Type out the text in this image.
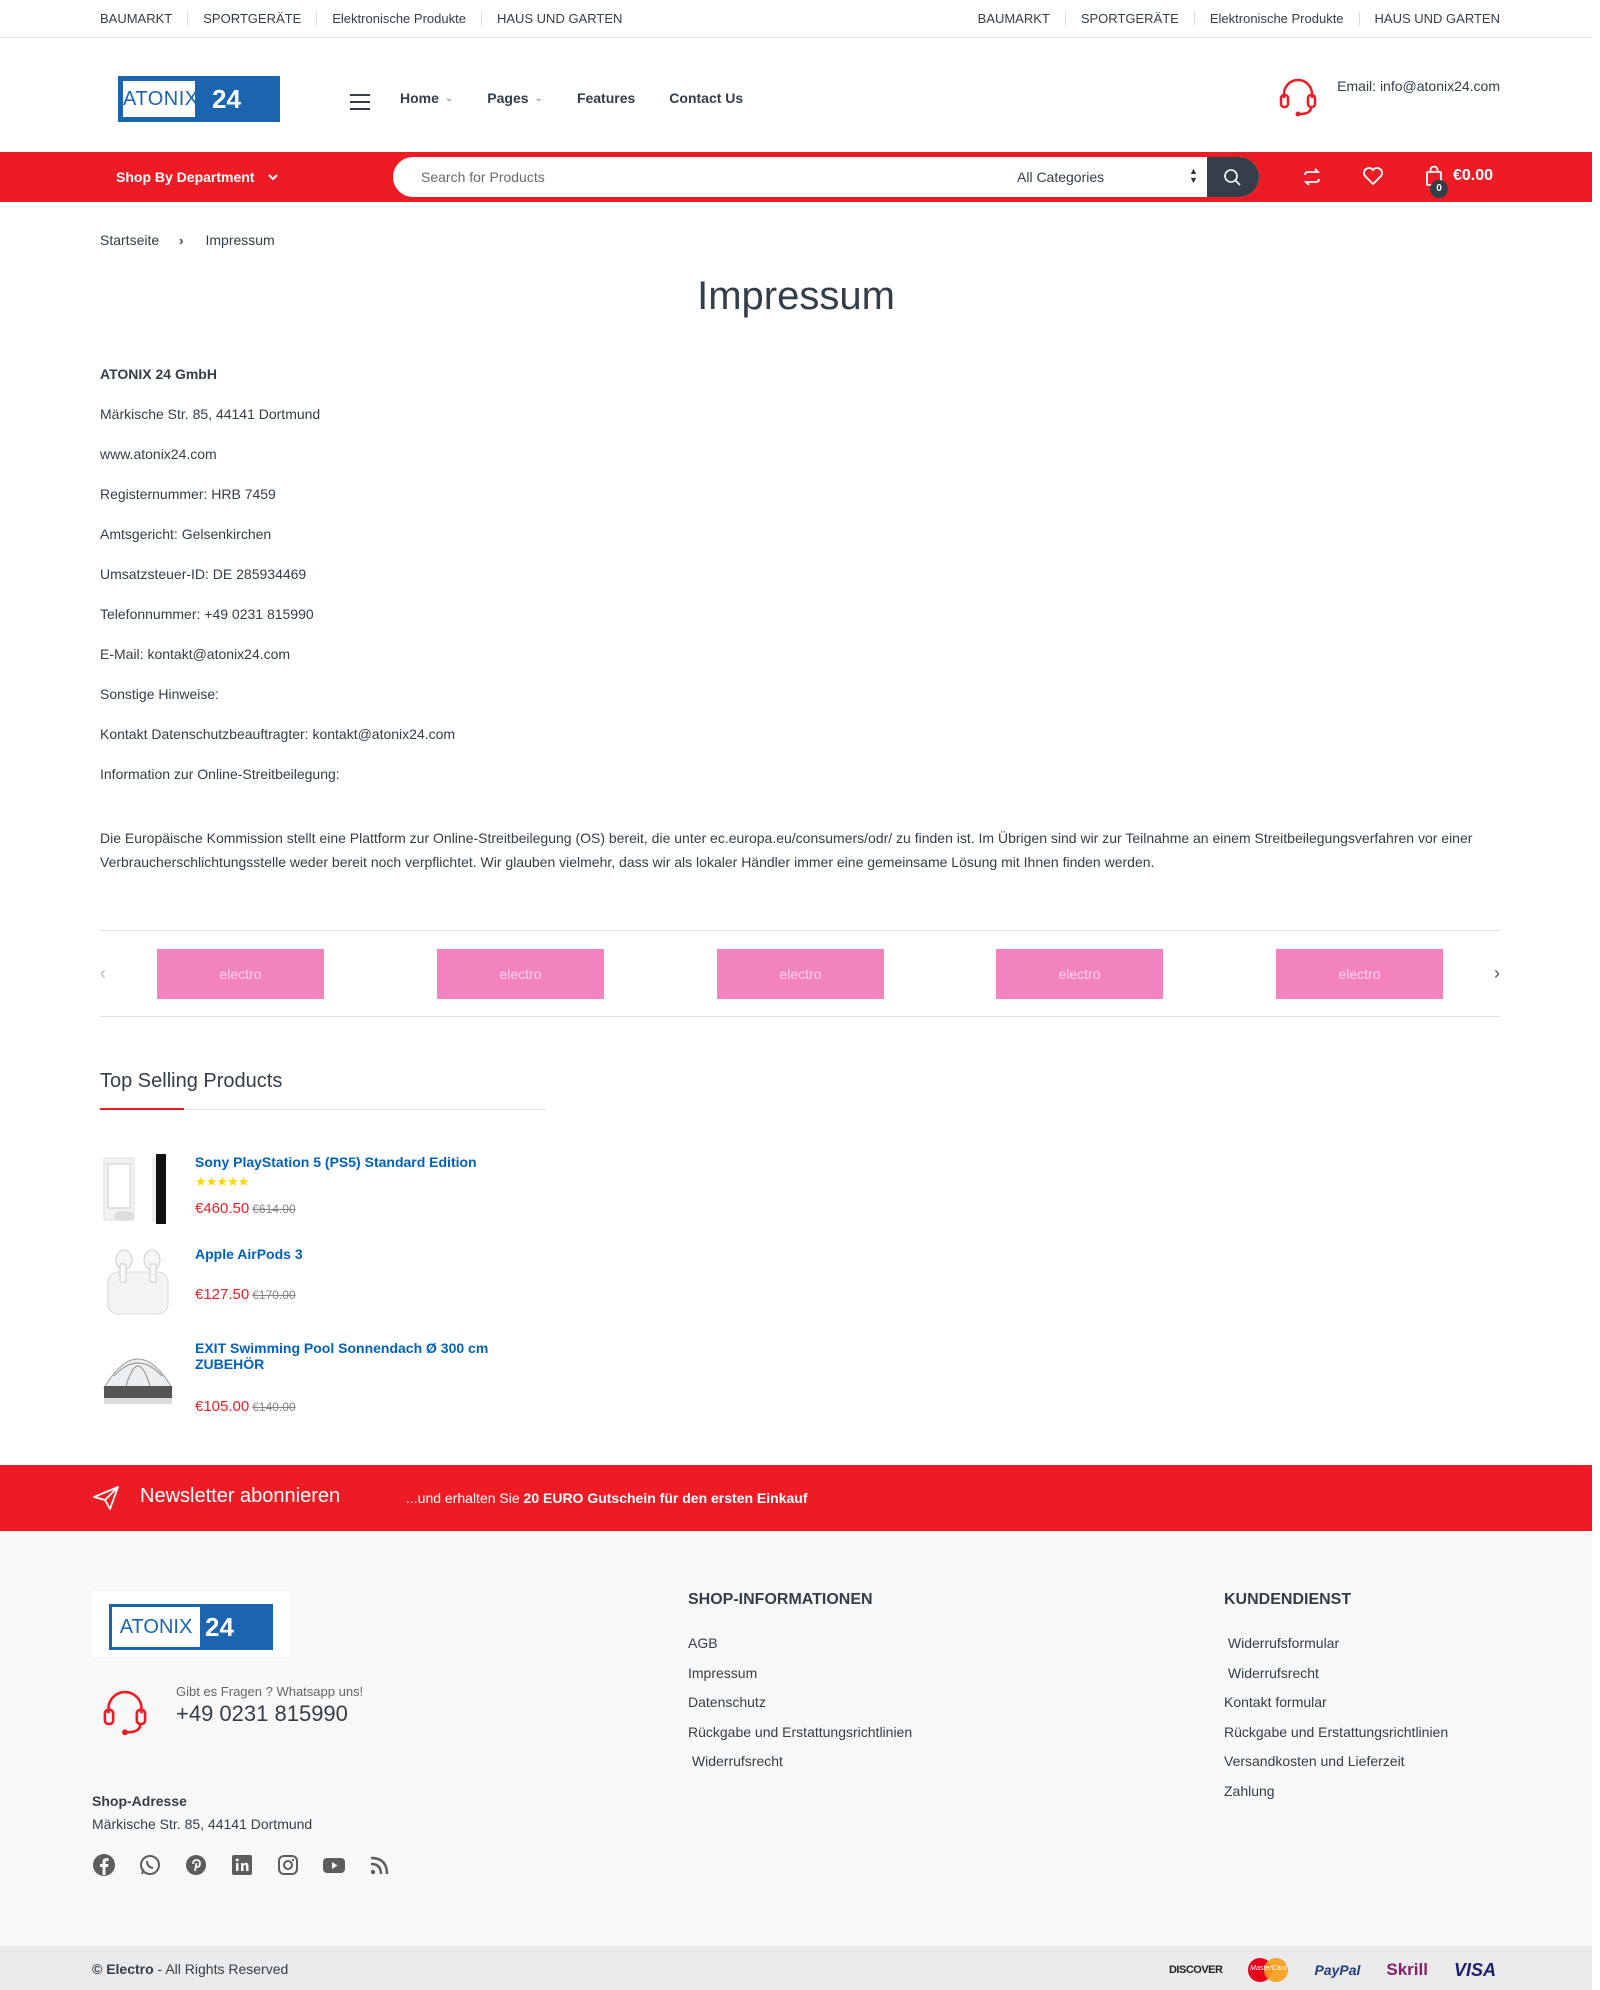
BAUMARKT	SPORTGERÄTE	Elektronische Produkte	HAUS UND GARTEN	BAUMARKT	SPORTGERÄTE	Elektronische Produkte	HAUS UND GARTEN
ATONIX 24	Home ⌄ Pages ⌄ Features Contact Us
Email: info@atonix24.com
Shop By Department
Search for Products	All Categories	▲
▼
0
€0.00
Startseite › Impressum
Impressum

ATONIX 24 GmbH

Märkische Str. 85, 44141 Dortmund

www.atonix24.com

Registernummer: HRB 7459

Amtsgericht: Gelsenkirchen

Umsatzsteuer-ID: DE 285934469

Telefonnummer: +49 0231 815990

E-Mail: kontakt@atonix24.com

Sonstige Hinweise:

Kontakt Datenschutzbeauftragter: kontakt@atonix24.com

Information zur Online-Streitbeilegung:

Die Europäische Kommission stellt eine Plattform zur Online-Streitbeilegung (OS) bereit, die unter ec.europa.eu/consumers/odr/ zu finden ist. Im Übrigen sind wir zur Teilnahme an einem Streitbeilegungsverfahren vor einer Verbraucherschlichtungsstelle weder bereit noch verpflichtet. Wir glauben vielmehr, dass wir als lokaler Händler immer eine gemeinsame Lösung mit Ihnen finden werden.

‹	electro	electro	electro	electro	electro	›
Top Selling Products
Sony PlayStation 5 (PS5) Standard Edition
★★★★★
€460.50 €614.00
Apple AirPods 3
€127.50 €170.00
EXIT Swimming Pool Sonnendach Ø 300 cm ZUBEHÖR
€105.00 €140.00
Newsletter abonnieren	...und erhalten Sie 20 EURO Gutschein für den ersten Einkauf
ATONIX 24
Gibt es Fragen ? Whatsapp uns!
+49 0231 815990
Shop-Adresse
Märkische Str. 85, 44141 Dortmund
SHOP-INFORMATIONEN
AGB
Impressum
Datenschutz
Rückgabe und Erstattungsrichtlinien
Widerrufsrecht
KUNDENDIENST
Widerrufsformular
Widerrufsrecht
Kontakt formular
Rückgabe und Erstattungsrichtlinien
Versandkosten und Lieferzeit
Zahlung
© Electro - All Rights Reserved	DISCOVER	MasterCard PayPal Skrill VISA
